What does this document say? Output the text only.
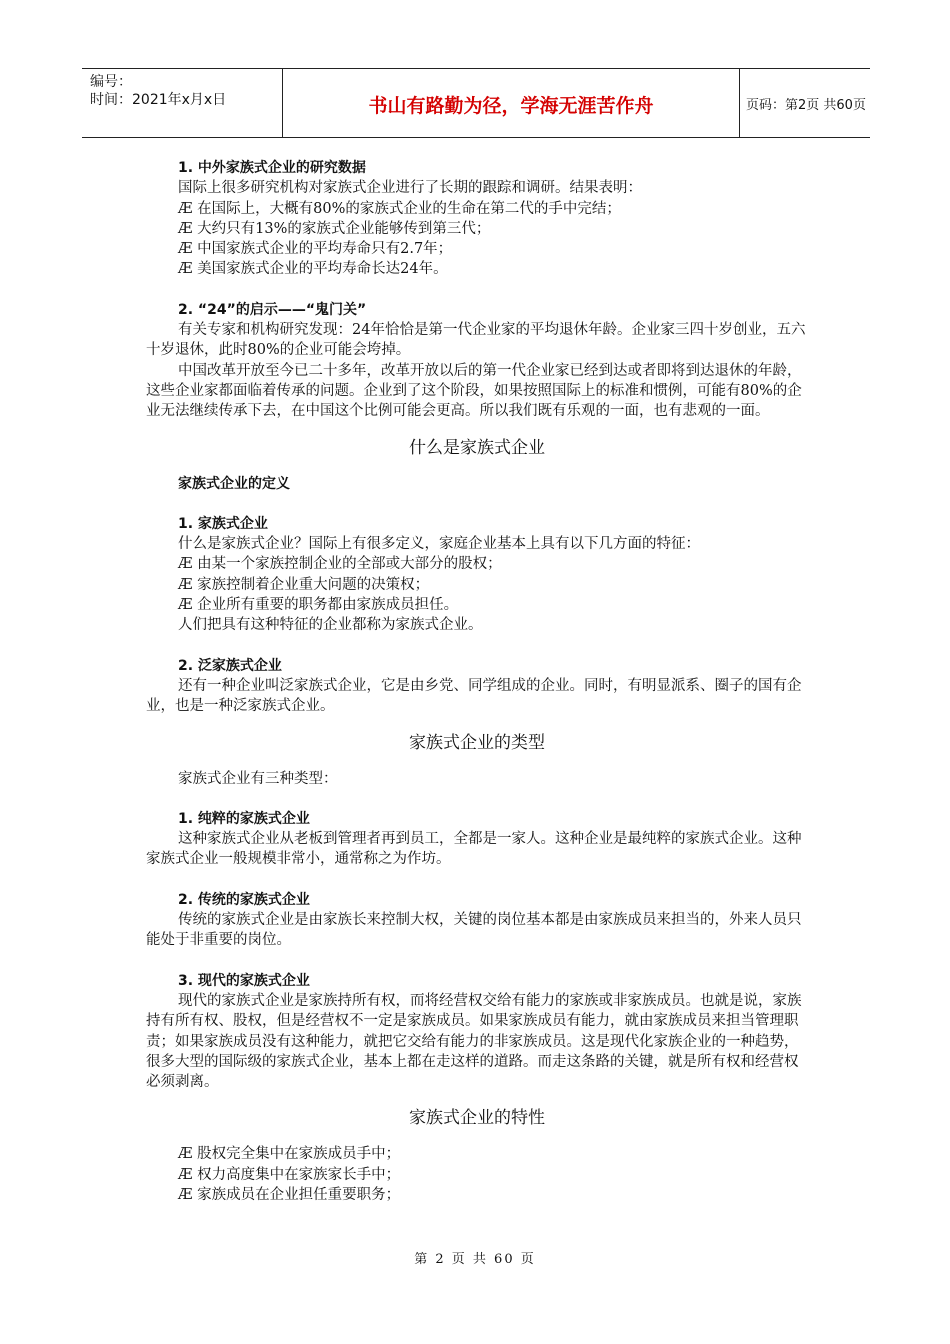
编号：
时间：2021年x月x日	书山有路勤为径，学海无涯苦作舟	页码：第2页 共60页

1. 中外家族式企业的研究数据

国际上很多研究机构对家族式企业进行了长期的跟踪和调研。结果表明：

Æ 在国际上，大概有80%的家族式企业的生命在第二代的手中完结；

Æ 大约只有13%的家族式企业能够传到第三代；

Æ 中国家族式企业的平均寿命只有2.7年；

Æ 美国家族式企业的平均寿命长达24年。

2. “24”的启示——“鬼门关”

有关专家和机构研究发现：24年恰恰是第一代企业家的平均退休年龄。企业家三四十岁创业，五六十岁退休，此时80%的企业可能会垮掉。

中国改革开放至今已二十多年，改革开放以后的第一代企业家已经到达或者即将到达退休的年龄，这些企业家都面临着传承的问题。企业到了这个阶段，如果按照国际上的标准和惯例，可能有80%的企业无法继续传承下去，在中国这个比例可能会更高。所以我们既有乐观的一面，也有悲观的一面。

什么是家族式企业

家族式企业的定义

1. 家族式企业

什么是家族式企业？国际上有很多定义，家庭企业基本上具有以下几方面的特征：

Æ 由某一个家族控制企业的全部或大部分的股权；

Æ 家族控制着企业重大问题的决策权；

Æ 企业所有重要的职务都由家族成员担任。

人们把具有这种特征的企业都称为家族式企业。

2. 泛家族式企业

还有一种企业叫泛家族式企业，它是由乡党、同学组成的企业。同时，有明显派系、圈子的国有企业，也是一种泛家族式企业。

家族式企业的类型

家族式企业有三种类型：

1. 纯粹的家族式企业

这种家族式企业从老板到管理者再到员工，全都是一家人。这种企业是最纯粹的家族式企业。这种家族式企业一般规模非常小，通常称之为作坊。

2. 传统的家族式企业

传统的家族式企业是由家族长来控制大权，关键的岗位基本都是由家族成员来担当的，外来人员只能处于非重要的岗位。

3. 现代的家族式企业

现代的家族式企业是家族持所有权，而将经营权交给有能力的家族或非家族成员。也就是说，家族持有所有权、股权，但是经营权不一定是家族成员。如果家族成员有能力，就由家族成员来担当管理职责；如果家族成员没有这种能力，就把它交给有能力的非家族成员。这是现代化家族企业的一种趋势，很多大型的国际级的家族式企业，基本上都在走这样的道路。而走这条路的关键，就是所有权和经营权必须剥离。

家族式企业的特性

Æ 股权完全集中在家族成员手中；

Æ 权力高度集中在家族家长手中；

Æ 家族成员在企业担任重要职务；

第 2 页 共 60 页
